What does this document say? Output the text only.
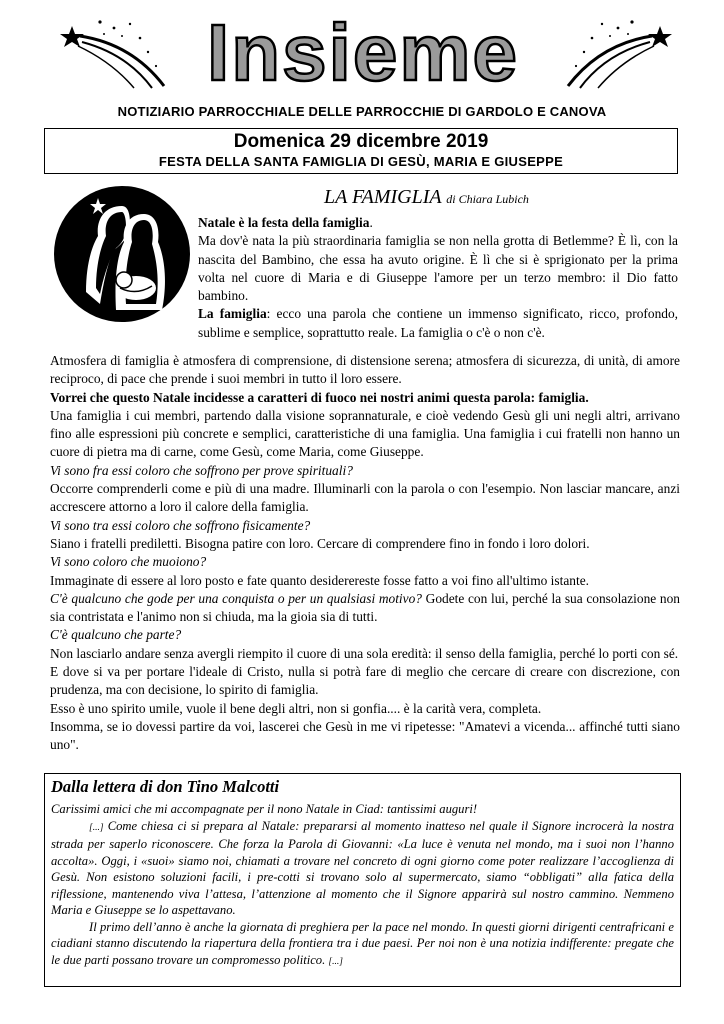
Insieme
NOTIZIARIO PARROCCHIALE DELLE PARROCCHIE DI GARDOLO E CANOVA
Domenica 29 dicembre 2019
FESTA DELLA SANTA FAMIGLIA DI GESÙ, MARIA E GIUSEPPE
LA FAMIGLIA di Chiara Lubich

Natale è la festa della famiglia.

Ma dov'è nata la più straordinaria famiglia se non nella grotta di Betlemme? È lì, con la nascita del Bambino, che essa ha avuto origine. È lì che si è sprigionato per la prima volta nel cuore di Maria e di Giuseppe l'amore per un terzo membro: il Dio fatto bambino.

La famiglia: ecco una parola che contiene un immenso significato, ricco, profondo, sublime e semplice, soprattutto reale. La famiglia o c'è o non c'è.

Atmosfera di famiglia è atmosfera di comprensione, di distensione serena; atmosfera di sicurezza, di unità, di amore reciproco, di pace che prende i suoi membri in tutto il loro essere.

Vorrei che questo Natale incidesse a caratteri di fuoco nei nostri animi questa parola: famiglia.

Una famiglia i cui membri, partendo dalla visione soprannaturale, e cioè vedendo Gesù gli uni negli altri, arrivano fino alle espressioni più concrete e semplici, caratteristiche di una famiglia. Una famiglia i cui fratelli non hanno un cuore di pietra ma di carne, come Gesù, come Maria, come Giuseppe.

Vi sono fra essi coloro che soffrono per prove spirituali?

Occorre comprenderli come e più di una madre. Illuminarli con la parola o con l'esempio. Non lasciar mancare, anzi accrescere attorno a loro il calore della famiglia.

Vi sono tra essi coloro che soffrono fisicamente?

Siano i fratelli prediletti. Bisogna patire con loro. Cercare di comprendere fino in fondo i loro dolori.

Vi sono coloro che muoiono?

Immaginate di essere al loro posto e fate quanto desiderereste fosse fatto a voi fino all'ultimo istante.

C'è qualcuno che gode per una conquista o per un qualsiasi motivo? Godete con lui, perché la sua consolazione non sia contristata e l'animo non si chiuda, ma la gioia sia di tutti.

C'è qualcuno che parte?

Non lasciarlo andare senza avergli riempito il cuore di una sola eredità: il senso della famiglia, perché lo porti con sé.

E dove si va per portare l'ideale di Cristo, nulla si potrà fare di meglio che cercare di creare con discrezione, con prudenza, ma con decisione, lo spirito di famiglia.

Esso è uno spirito umile, vuole il bene degli altri, non si gonfia.... è la carità vera, completa.

Insomma, se io dovessi partire da voi, lascerei che Gesù in me vi ripetesse: "Amatevi a vicenda... affinché tutti siano uno".

Dalla lettera di don Tino Malcotti

Carissimi amici che mi accompagnate per il nono Natale in Ciad: tantissimi auguri!

[...] Come chiesa ci si prepara al Natale: prepararsi al momento inatteso nel quale il Signore incrocerà la nostra strada per saperlo riconoscere. Che forza la Parola di Giovanni: «La luce è venuta nel mondo, ma i suoi non l’hanno accolta». Oggi, i «suoi» siamo noi, chiamati a trovare nel concreto di ogni giorno come poter realizzare l’accoglienza di Gesù. Non esistono soluzioni facili, i pre-cotti si trovano solo al supermercato, siamo “obbligati” alla fatica della riflessione, mantenendo viva l’attesa, l’attenzione al momento che il Signore apparirà sul nostro cammino. Nemmeno Maria e Giuseppe se lo aspettavano.

Il primo dell’anno è anche la giornata di preghiera per la pace nel mondo. In questi giorni dirigenti centrafricani e ciadiani stanno discutendo la riapertura della frontiera tra i due paesi. Per noi non è una notizia indifferente: pregate che le due parti possano trovare un compromesso politico. [...]
